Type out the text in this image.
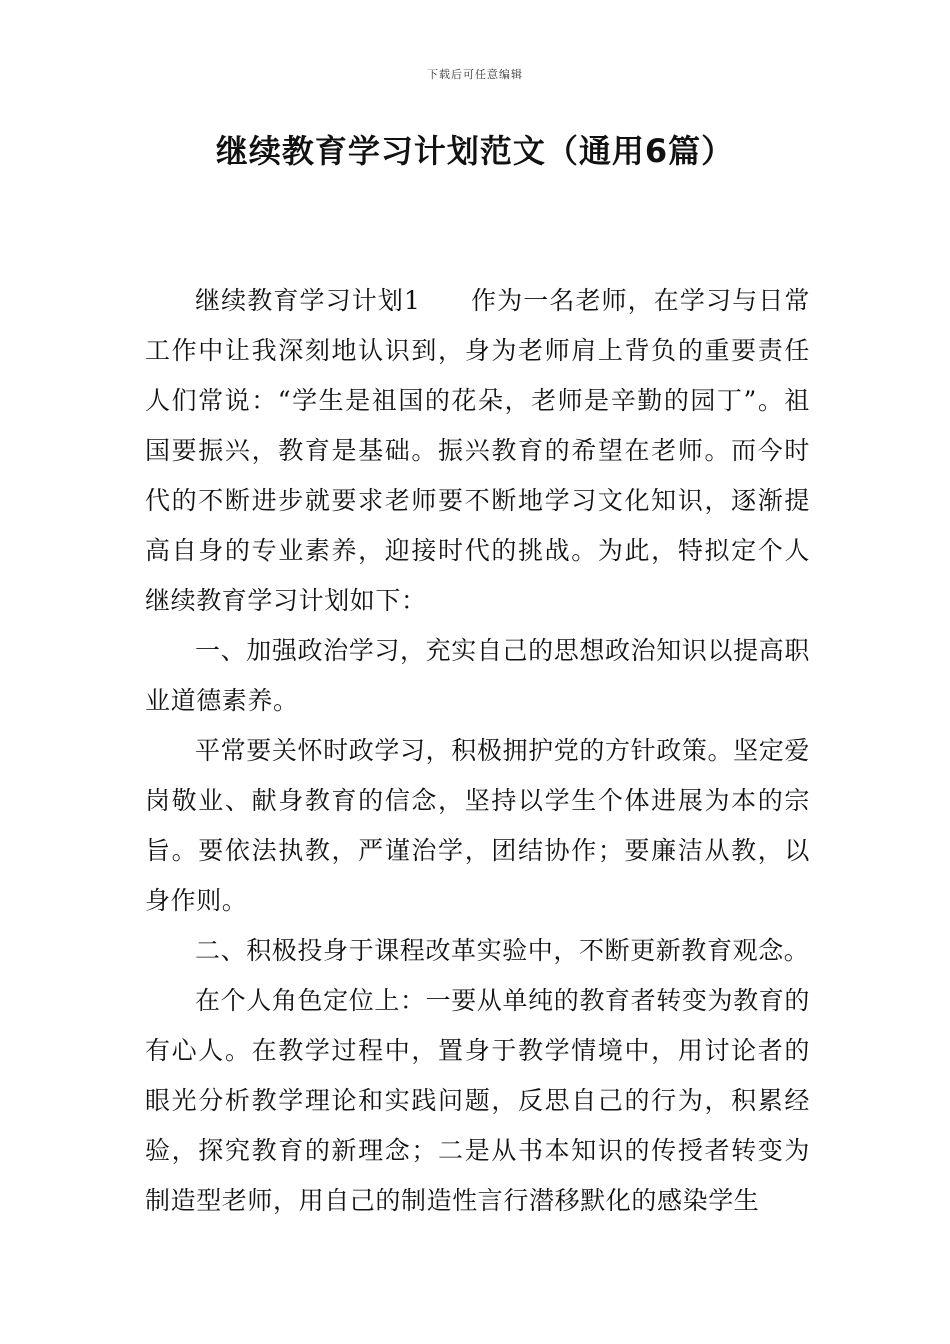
下载后可任意编辑
继续教育学习计划范文（通用6篇）

继续教育学习计划1 作为一名老师，在学习与日常工作中让我深刻地认识到，身为老师肩上背负的重要责任人们常说：“学生是祖国的花朵，老师是辛勤的园丁”。祖国要振兴，教育是基础。振兴教育的希望在老师。而今时代的不断进步就要求老师要不断地学习文化知识，逐渐提高自身的专业素养，迎接时代的挑战。为此，特拟定个人继续教育学习计划如下：

一、加强政治学习，充实自己的思想政治知识以提高职业道德素养。

平常要关怀时政学习，积极拥护党的方针政策。坚定爱岗敬业、献身教育的信念，坚持以学生个体进展为本的宗旨。要依法执教，严谨治学，团结协作；要廉洁从教，以身作则。

二、积极投身于课程改革实验中，不断更新教育观念。

在个人角色定位上：一要从单纯的教育者转变为教育的有心人。在教学过程中，置身于教学情境中，用讨论者的眼光分析教学理论和实践问题，反思自己的行为，积累经验，探究教育的新理念；二是从书本知识的传授者转变为制造型老师，用自己的制造性言行潜移默化的感染学生
